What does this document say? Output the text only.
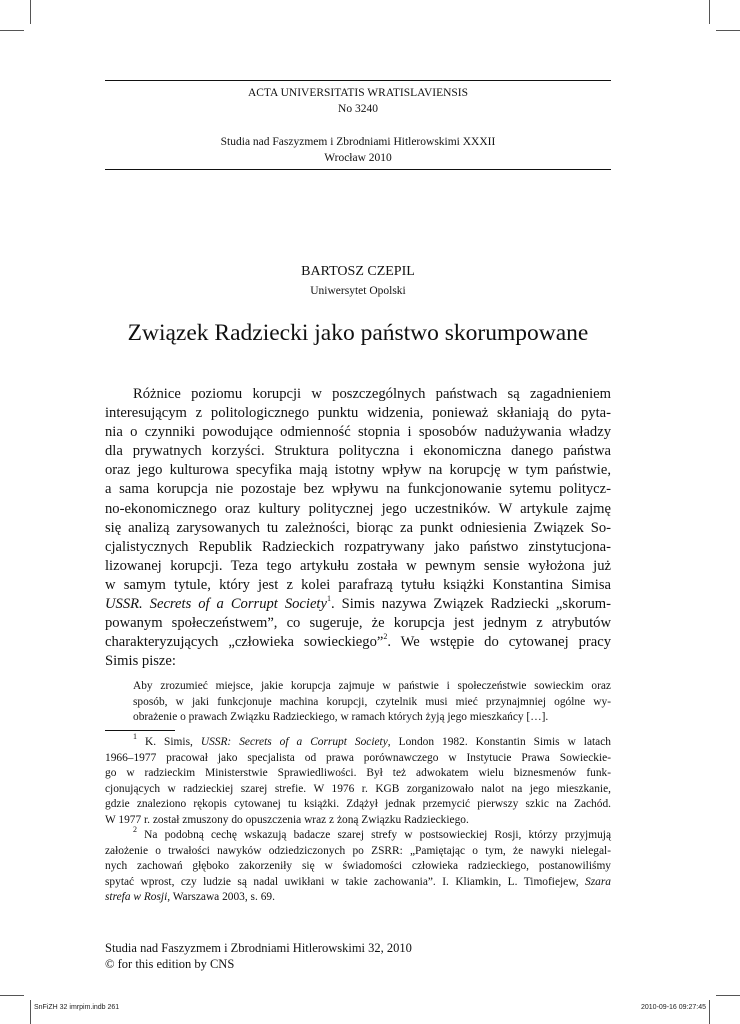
ACTA UNIVERSITATIS WRATISLAVIENSIS
No 3240
Studia nad Faszyzmem i Zbrodniami Hitlerowskimi XXXII
Wrocław 2010
BARTOSZ CZEPIL
Uniwersytet Opolski
Związek Radziecki jako państwo skorumpowane

Różnice poziomu korupcji w poszczególnych państwach są zagadnieniem
interesującym z politologicznego punktu widzenia, ponieważ skłaniają do pyta-
nia o czynniki powodujące odmienność stopnia i sposobów nadużywania władzy
dla prywatnych korzyści. Struktura polityczna i ekonomiczna danego państwa
oraz jego kulturowa specyfika mają istotny wpływ na korupcję w tym państwie,
a sama korupcja nie pozostaje bez wpływu na funkcjonowanie sytemu politycz-
no-ekonomicznego oraz kultury politycznej jego uczestników. W artykule zajmę
się analizą zarysowanych tu zależności, biorąc za punkt odniesienia Związek So-
cjalistycznych Republik Radzieckich rozpatrywany jako państwo zinstytucjona-
lizowanej korupcji. Teza tego artykułu została w pewnym sensie wyłożona już
w samym tytule, który jest z kolei parafrazą tytułu książki Konstantina Simisa
USSR. Secrets of a Corrupt Society$^1$. Simis nazywa Związek Radziecki „skorum-
powanym społeczeństwem”, co sugeruje, że korupcja jest jednym z atrybutów
charakteryzujących „człowieka sowieckiego”$^2$. We wstępie do cytowanej pracy
Simis pisze:

Aby zrozumieć miejsce, jakie korupcja zajmuje w państwie i społeczeństwie sowieckim oraz
sposób, w jaki funkcjonuje machina korupcji, czytelnik musi mieć przynajmniej ogólne wy-
obrażenie o prawach Związku Radzieckiego, w ramach których żyją jego mieszkańcy […].
$^1$ K. Simis, USSR: Secrets of a Corrupt Society, London 1982. Konstantin Simis w latach
1966–1977 pracował jako specjalista od prawa porównawczego w Instytucie Prawa Sowieckie-
go w radzieckim Ministerstwie Sprawiedliwości. Był też adwokatem wielu biznesmenów funk-
cjonujących w radzieckiej szarej strefie. W 1976 r. KGB zorganizowało nalot na jego mieszkanie,
gdzie znaleziono rękopis cytowanej tu książki. Zdążył jednak przemycić pierwszy szkic na Zachód.
W 1977 r. został zmuszony do opuszczenia wraz z żoną Związku Radzieckiego.
$^2$ Na podobną cechę wskazują badacze szarej strefy w postsowieckiej Rosji, którzy przyjmują
założenie o trwałości nawyków odziedziczonych po ZSRR: „Pamiętając o tym, że nawyki nielegal-
nych zachowań głęboko zakorzeniły się w świadomości człowieka radzieckiego, postanowiliśmy
spytać wprost, czy ludzie są nadal uwikłani w takie zachowania”. I. Kliamkin, L. Timofiejew, Szara
strefa w Rosji, Warszawa 2003, s. 69.
Studia nad Faszyzmem i Zbrodniami Hitlerowskimi 32, 2010
© for this edition by CNS
SnFiZH 32 imrpim.indb 261	2010-09-16 09:27:45
